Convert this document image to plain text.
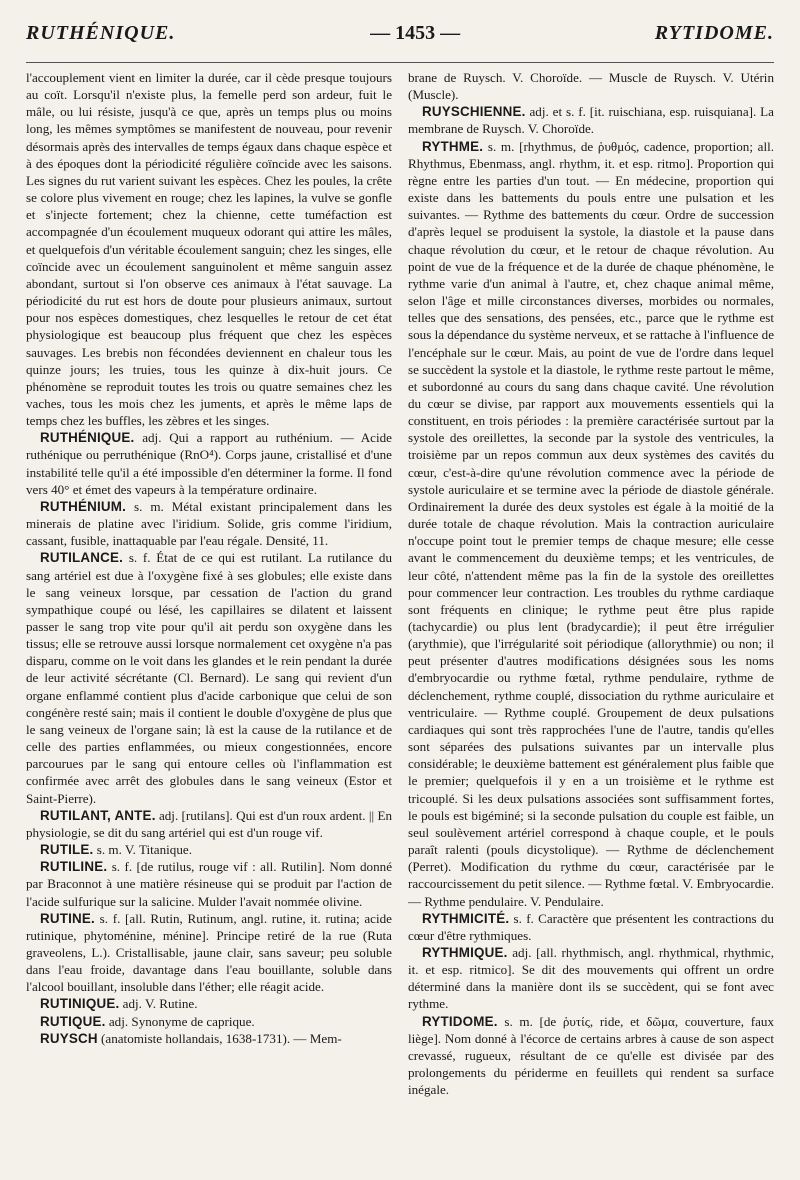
RUTHÉNIQUE.	— 1453 —	RYTIDOME.

l'accouplement vient en limiter la durée, car il cède presque toujours au coït. Lorsqu'il n'existe plus, la femelle perd son ardeur, fuit le mâle, ou lui résiste, jusqu'à ce que, après un temps plus ou moins long, les mêmes symptômes se manifestent de nouveau, pour revenir désormais après des intervalles de temps égaux dans chaque espèce et à des époques dont la périodicité régulière coïncide avec les saisons. Les signes du rut varient suivant les espèces. Chez les poules, la crête se colore plus vivement en rouge; chez les lapines, la vulve se gonfle et s'injecte fortement; chez la chienne, cette tuméfaction est accompagnée d'un écoulement muqueux odorant qui attire les mâles, et quelquefois d'un véritable écoulement sanguin; chez les singes, elle coïncide avec un écoulement sanguinolent et même sanguin assez abondant, surtout si l'on observe ces animaux à l'état sauvage. La périodicité du rut est hors de doute pour plusieurs animaux, surtout pour nos espèces domestiques, chez lesquelles le retour de cet état physiologique est beaucoup plus fréquent que chez les espèces sauvages. Les brebis non fécondées deviennent en chaleur tous les quinze jours; les truies, tous les quinze à dix-huit jours. Ce phénomène se reproduit toutes les trois ou quatre semaines chez les vaches, tous les mois chez les juments, et après le même laps de temps chez les buffles, les zèbres et les singes.

RUTHÉNIQUE. adj. Qui a rapport au ruthénium. — Acide ruthénique ou perruthénique (RnO⁴). Corps jaune, cristallisé et d'une instabilité telle qu'il a été impossible d'en déterminer la forme. Il fond vers 40° et émet des vapeurs à la température ordinaire.

RUTHÉNIUM. s. m. Métal existant principalement dans les minerais de platine avec l'iridium. Solide, gris comme l'iridium, cassant, fusible, inattaquable par l'eau régale. Densité, 11.

RUTILANCE. s. f. État de ce qui est rutilant. La rutilance du sang artériel est due à l'oxygène fixé à ses globules; elle existe dans le sang veineux lorsque, par cessation de l'action du grand sympathique coupé ou lésé, les capillaires se dilatent et laissent passer le sang trop vite pour qu'il ait perdu son oxygène dans les tissus; elle se retrouve aussi lorsque normalement cet oxygène n'a pas disparu, comme on le voit dans les glandes et le rein pendant la durée de leur activité sécrétante (Cl. Bernard). Le sang qui revient d'un organe enflammé contient plus d'acide carbonique que celui de son congénère resté sain; mais il contient le double d'oxygène de plus que le sang veineux de l'organe sain; là est la cause de la rutilance et de celle des parties enflammées, ou mieux congestionnées, encore parcourues par le sang qui entoure celles où l'inflammation est confirmée avec arrêt des globules dans le sang veineux (Estor et Saint-Pierre).

RUTILANT, ANTE. adj. [rutilans]. Qui est d'un roux ardent. || En physiologie, se dit du sang artériel qui est d'un rouge vif.

RUTILE. s. m. V. Titanique.

RUTILINE. s. f. [de rutilus, rouge vif : all. Rutilin]. Nom donné par Braconnot à une matière résineuse qui se produit par l'action de l'acide sulfurique sur la salicine. Mulder l'avait nommée olivine.

RUTINE. s. f. [all. Rutin, Rutinum, angl. rutine, it. rutina; acide rutinique, phytoménine, ménine]. Principe retiré de la rue (Ruta graveolens, L.). Cristallisable, jaune clair, sans saveur; peu soluble dans l'eau froide, davantage dans l'eau bouillante, soluble dans l'alcool bouillant, insoluble dans l'éther; elle réagit acide.

RUTINIQUE. adj. V. Rutine.

RUTIQUE. adj. Synonyme de caprique.

RUYSCH (anatomiste hollandais, 1638-1731). — Mem-

brane de Ruysch. V. Choroïde. — Muscle de Ruysch. V. Utérin (Muscle).

RUYSCHIENNE. adj. et s. f. [it. ruischiana, esp. ruisquiana]. La membrane de Ruysch. V. Choroïde.

RYTHME. s. m. [rhythmus, de ῥυθμός, cadence, proportion; all. Rhythmus, Ebenmass, angl. rhythm, it. et esp. ritmo]. Proportion qui règne entre les parties d'un tout. — En médecine, proportion qui existe dans les battements du pouls entre une pulsation et les suivantes. — Rythme des battements du cœur. Ordre de succession d'après lequel se produisent la systole, la diastole et la pause dans chaque révolution du cœur, et le retour de chaque révolution. Au point de vue de la fréquence et de la durée de chaque phénomène, le rythme varie d'un animal à l'autre, et, chez chaque animal même, selon l'âge et mille circonstances diverses, morbides ou normales, telles que des sensations, des pensées, etc., parce que le rythme est sous la dépendance du système nerveux, et se rattache à l'influence de l'encéphale sur le cœur. Mais, au point de vue de l'ordre dans lequel se succèdent la systole et la diastole, le rythme reste partout le même, et subordonné au cours du sang dans chaque cavité. Une révolution du cœur se divise, par rapport aux mouvements essentiels qui la constituent, en trois périodes : la première caractérisée surtout par la systole des oreillettes, la seconde par la systole des ventricules, la troisième par un repos commun aux deux systèmes des cavités du cœur, c'est-à-dire qu'une révolution commence avec la période de systole auriculaire et se termine avec la période de diastole générale. Ordinairement la durée des deux systoles est égale à la moitié de la durée totale de chaque révolution. Mais la contraction auriculaire n'occupe point tout le premier temps de chaque mesure; elle cesse avant le commencement du deuxième temps; et les ventricules, de leur côté, n'attendent même pas la fin de la systole des oreillettes pour commencer leur contraction. Les troubles du rythme cardiaque sont fréquents en clinique; le rythme peut être plus rapide (tachycardie) ou plus lent (bradycardie); il peut être irrégulier (arythmie), que l'irrégularité soit périodique (allorythmie) ou non; il peut présenter d'autres modifications désignées sous les noms d'embryocardie ou rythme fœtal, rythme pendulaire, rythme de déclenchement, rythme couplé, dissociation du rythme auriculaire et ventriculaire. — Rythme couplé. Groupement de deux pulsations cardiaques qui sont très rapprochées l'une de l'autre, tandis qu'elles sont séparées des pulsations suivantes par un intervalle plus considérable; le deuxième battement est généralement plus faible que le premier; quelquefois il y en a un troisième et le rythme est tricouplé. Si les deux pulsations associées sont suffisamment fortes, le pouls est bigéminé; si la seconde pulsation du couple est faible, un seul soulèvement artériel correspond à chaque couple, et le pouls paraît ralenti (pouls dicystolique). — Rythme de déclenchement (Perret). Modification du rythme du cœur, caractérisée par le raccourcissement du petit silence. — Rythme fœtal. V. Embryocardie. — Rythme pendulaire. V. Pendulaire.

RYTHMICITÉ. s. f. Caractère que présentent les contractions du cœur d'être rythmiques.

RYTHMIQUE. adj. [all. rhythmisch, angl. rhythmical, rhythmic, it. et esp. ritmico]. Se dit des mouvements qui offrent un ordre déterminé dans la manière dont ils se succèdent, qui se font avec rythme.

RYTIDOME. s. m. [de ῥυτίς, ride, et δῶμα, couverture, faux liège]. Nom donné à l'écorce de certains arbres à cause de son aspect crevassé, rugueux, résultant de ce qu'elle est divisée par des prolongements du périderme en feuillets qui rendent sa surface inégale.
